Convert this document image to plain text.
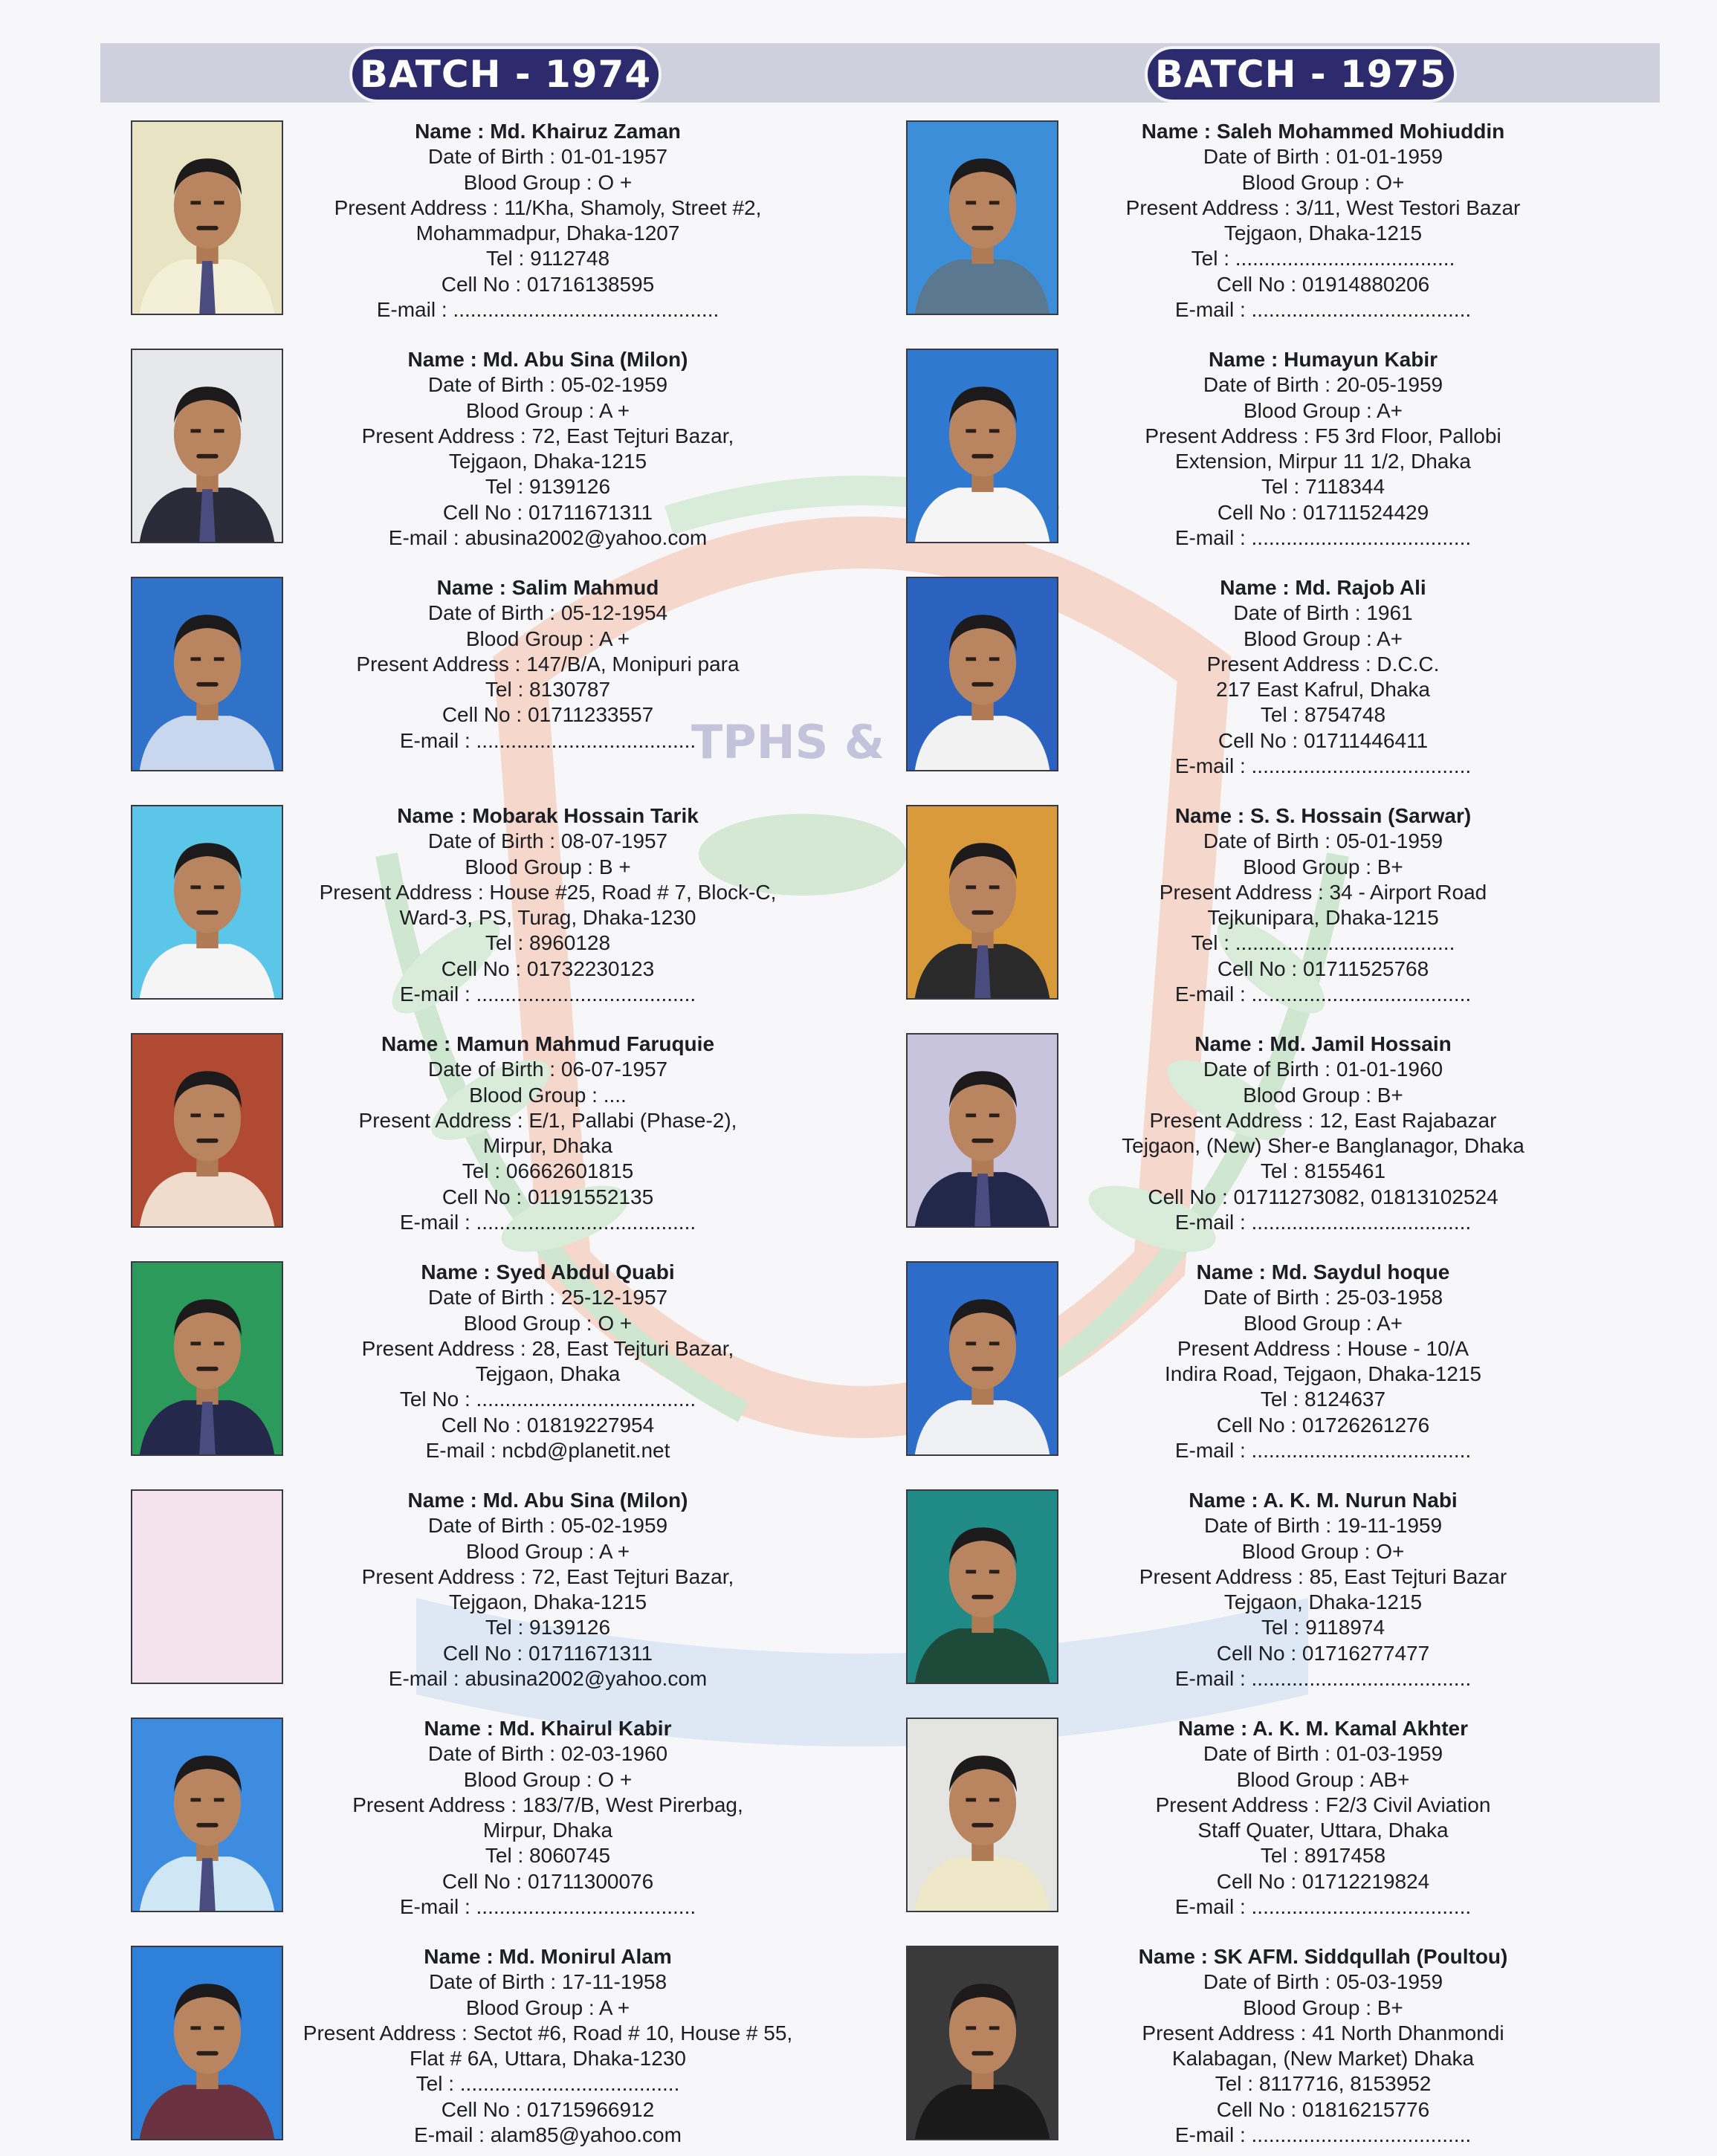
TPHS &
BATCH - 1974	BATCH - 1975
Name : Md. Khairuz Zaman
Date of Birth : 01-01-1957
Blood Group : O +
Present Address : 11/Kha, Shamoly, Street #2,
Mohammadpur, Dhaka-1207
Tel : 9112748
Cell No : 01716138595
E-mail : ..............................................
Name : Md. Abu Sina (Milon)
Date of Birth : 05-02-1959
Blood Group : A +
Present Address : 72, East Tejturi Bazar,
Tejgaon, Dhaka-1215
Tel : 9139126
Cell No : 01711671311
E-mail : abusina2002@yahoo.com
Name : Salim Mahmud
Date of Birth : 05-12-1954
Blood Group : A +
Present Address : 147/B/A, Monipuri para
Tel : 8130787
Cell No : 01711233557
E-mail : ......................................
Name : Mobarak Hossain Tarik
Date of Birth : 08-07-1957
Blood Group : B +
Present Address : House #25, Road # 7, Block-C,
Ward-3, PS, Turag, Dhaka-1230
Tel : 8960128
Cell No : 01732230123
E-mail : ......................................
Name : Mamun Mahmud Faruquie
Date of Birth : 06-07-1957
Blood Group : ....
Present Address : E/1, Pallabi (Phase-2),
Mirpur, Dhaka
Tel : 06662601815
Cell No : 01191552135
E-mail : ......................................
Name : Syed Abdul Quabi
Date of Birth : 25-12-1957
Blood Group : O +
Present Address : 28, East Tejturi Bazar,
Tejgaon, Dhaka
Tel No : ......................................
Cell No : 01819227954
E-mail : ncbd@planetit.net
Name : Md. Abu Sina (Milon)
Date of Birth : 05-02-1959
Blood Group : A +
Present Address : 72, East Tejturi Bazar,
Tejgaon, Dhaka-1215
Tel : 9139126
Cell No : 01711671311
E-mail : abusina2002@yahoo.com
Name : Md. Khairul Kabir
Date of Birth : 02-03-1960
Blood Group : O +
Present Address : 183/7/B, West Pirerbag,
Mirpur, Dhaka
Tel : 8060745
Cell No : 01711300076
E-mail : ......................................
Name : Md. Monirul Alam
Date of Birth : 17-11-1958
Blood Group : A +
Present Address : Sectot #6, Road # 10, House # 55,
Flat # 6A, Uttara, Dhaka-1230
Tel : ......................................
Cell No : 01715966912
E-mail : alam85@yahoo.com
Name : Saleh Mohammed Mohiuddin
Date of Birth : 01-01-1959
Blood Group : O+
Present Address : 3/11, West Testori Bazar
Tejgaon, Dhaka-1215
Tel : ......................................
Cell No : 01914880206
E-mail : ......................................
Name : Humayun Kabir
Date of Birth : 20-05-1959
Blood Group : A+
Present Address : F5 3rd Floor, Pallobi
Extension, Mirpur 11 1/2, Dhaka
Tel : 7118344
Cell No : 01711524429
E-mail : ......................................
Name : Md. Rajob Ali
Date of Birth : 1961
Blood Group : A+
Present Address : D.C.C.
217 East Kafrul, Dhaka
Tel : 8754748
Cell No : 01711446411
E-mail : ......................................
Name : S. S. Hossain (Sarwar)
Date of Birth : 05-01-1959
Blood Group : B+
Present Address : 34 - Airport Road
Tejkunipara, Dhaka-1215
Tel : ......................................
Cell No : 01711525768
E-mail : ......................................
Name : Md. Jamil Hossain
Date of Birth : 01-01-1960
Blood Group : B+
Present Address : 12, East Rajabazar
Tejgaon, (New) Sher-e Banglanagor, Dhaka
Tel : 8155461
Cell No : 01711273082, 01813102524
E-mail : ......................................
Name : Md. Saydul hoque
Date of Birth : 25-03-1958
Blood Group : A+
Present Address : House - 10/A
Indira Road, Tejgaon, Dhaka-1215
Tel : 8124637
Cell No : 01726261276
E-mail : ......................................
Name : A. K. M. Nurun Nabi
Date of Birth : 19-11-1959
Blood Group : O+
Present Address : 85, East Tejturi Bazar
Tejgaon, Dhaka-1215
Tel : 9118974
Cell No : 01716277477
E-mail : ......................................
Name : A. K. M. Kamal Akhter
Date of Birth : 01-03-1959
Blood Group : AB+
Present Address : F2/3 Civil Aviation
Staff Quater, Uttara, Dhaka
Tel : 8917458
Cell No : 01712219824
E-mail : ......................................
Name : SK AFM. Siddqullah (Poultou)
Date of Birth : 05-03-1959
Blood Group : B+
Present Address : 41 North Dhanmondi
Kalabagan, (New Market) Dhaka
Tel : 8117716, 8153952
Cell No : 01816215776
E-mail : ......................................
